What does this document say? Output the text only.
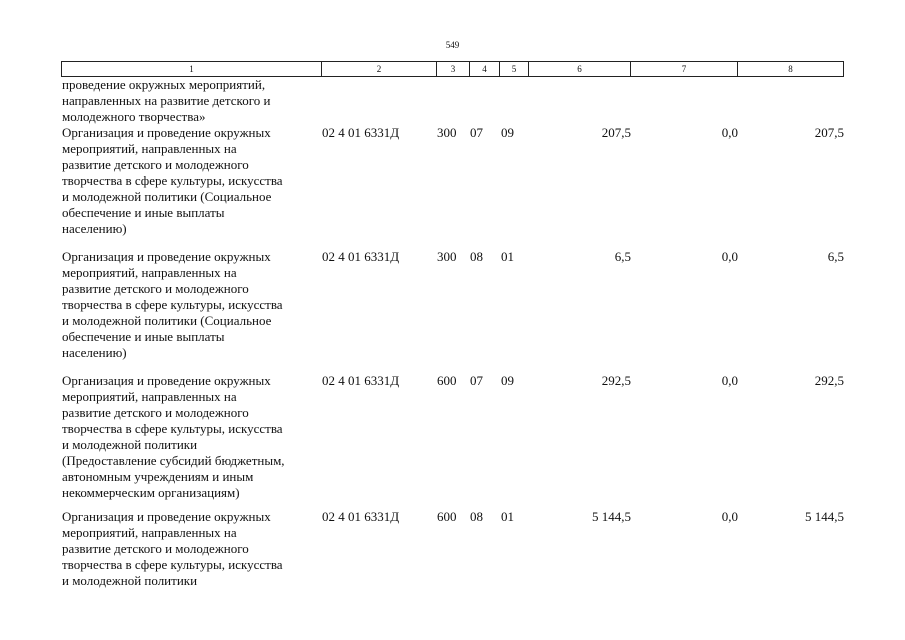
549
1	2	3	4	5	6	7	8
проведение окружных мероприятий,
направленных на развитие детского и
молодежного творчества»
Организация и проведение окружных
мероприятий, направленных на
развитие детского и молодежного
творчества в сфере культуры, искусства
и молодежной политики (Социальное
обеспечение и иные выплаты
населению)
02 4 01 6331Д	300 07 09	207,5	0,0	207,5
Организация и проведение окружных
мероприятий, направленных на
развитие детского и молодежного
творчества в сфере культуры, искусства
и молодежной политики (Социальное
обеспечение и иные выплаты
населению)
02 4 01 6331Д	300 08 01	6,5	0,0	6,5
Организация и проведение окружных
мероприятий, направленных на
развитие детского и молодежного
творчества в сфере культуры, искусства
и молодежной политики
(Предоставление субсидий бюджетным,
автономным учреждениям и иным
некоммерческим организациям)
02 4 01 6331Д	600 07 09	292,5	0,0	292,5
Организация и проведение окружных
мероприятий, направленных на
развитие детского и молодежного
творчества в сфере культуры, искусства
и молодежной политики
02 4 01 6331Д	600 08 01	5 144,5	0,0	5 144,5
